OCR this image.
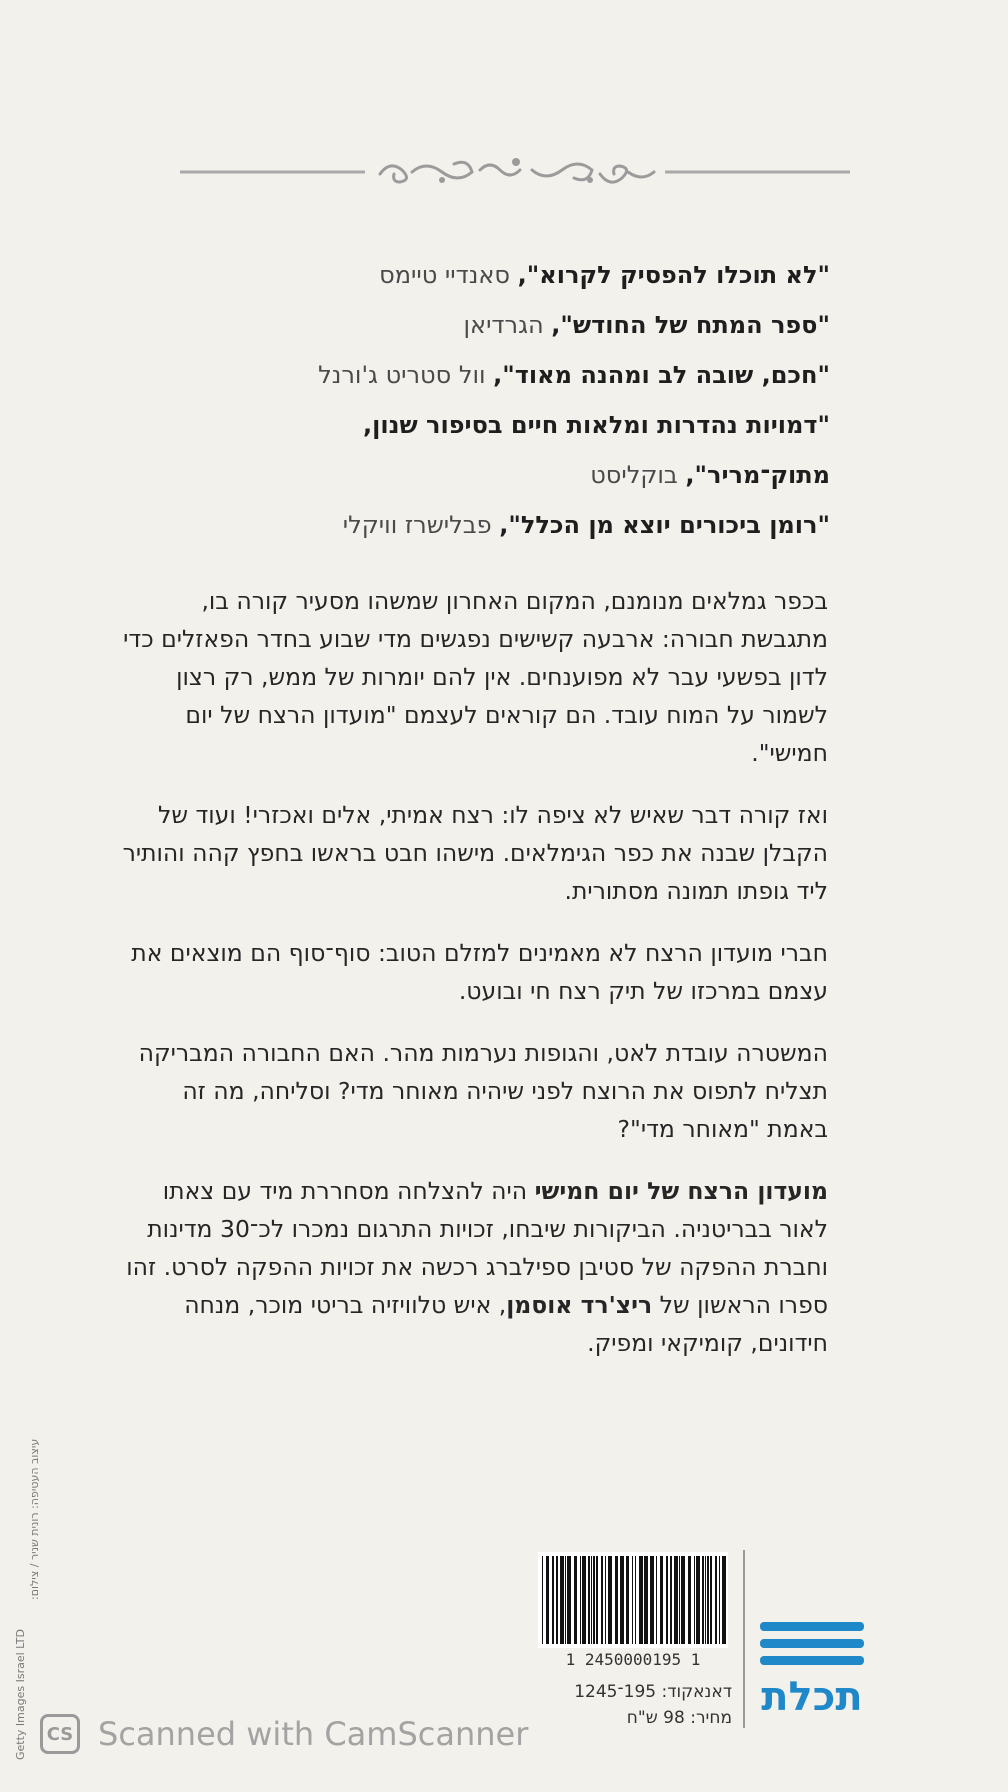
"לא תוכלו להפסיק לקרוא", סאנדיי טיימס
"ספר המתח של החודש", הגרדיאן
"חכם, שובה לב ומהנה מאוד", וול סטריט ג'ורנל
"דמויות נהדרות ומלאות חיים בסיפור שנון,
מתוק־מריר", בוקליסט
"רומן ביכורים יוצא מן הכלל", פבלישרז וויקלי

בכפר גמלאים מנומנם, המקום האחרון שמשהו מסעיר קורה בו, מתגבשת חבורה: ארבעה קשישים נפגשים מדי שבוע בחדר הפאזלים כדי לדון בפשעי עבר לא מפוענחים. אין להם יומרות של ממש, רק רצון לשמור על המוח עובד. הם קוראים לעצמם "מועדון הרצח של יום חמישי".

ואז קורה דבר שאיש לא ציפה לו: רצח אמיתי, אלים ואכזרי! ועוד של הקבלן שבנה את כפר הגימלאים. מישהו חבט בראשו בחפץ קהה והותיר ליד גופתו תמונה מסתורית.

חברי מועדון הרצח לא מאמינים למזלם הטוב: סוף־סוף הם מוצאים את עצמם במרכזו של תיק רצח חי ובועט.

המשטרה עובדת לאט, והגופות נערמות מהר. האם החבורה המבריקה תצליח לתפוס את הרוצח לפני שיהיה מאוחר מדי? וסליחה, מה זה באמת "מאוחר מדי"?

מועדון הרצח של יום חמישי היה להצלחה מסחררת מיד עם צאתו לאור בבריטניה. הביקורות שיבחו, זכויות התרגום נמכרו לכ־30 מדינות וחברת ההפקה של סטיבן ספילברג רכשה את זכויות ההפקה לסרט. זהו ספרו הראשון של ריצ'רד אוסמן, איש טלוויזיה בריטי מוכר, מנחה חידונים, קומיקאי ומפיק.

עיצוב העטיפה: רונית שניר / צילום:
Getty Images Israel LTD	1 2450000195 1
דאנאקוד: 195־1245
מחיר: 98 ש"ח תכלת
CS Scanned with CamScanner
